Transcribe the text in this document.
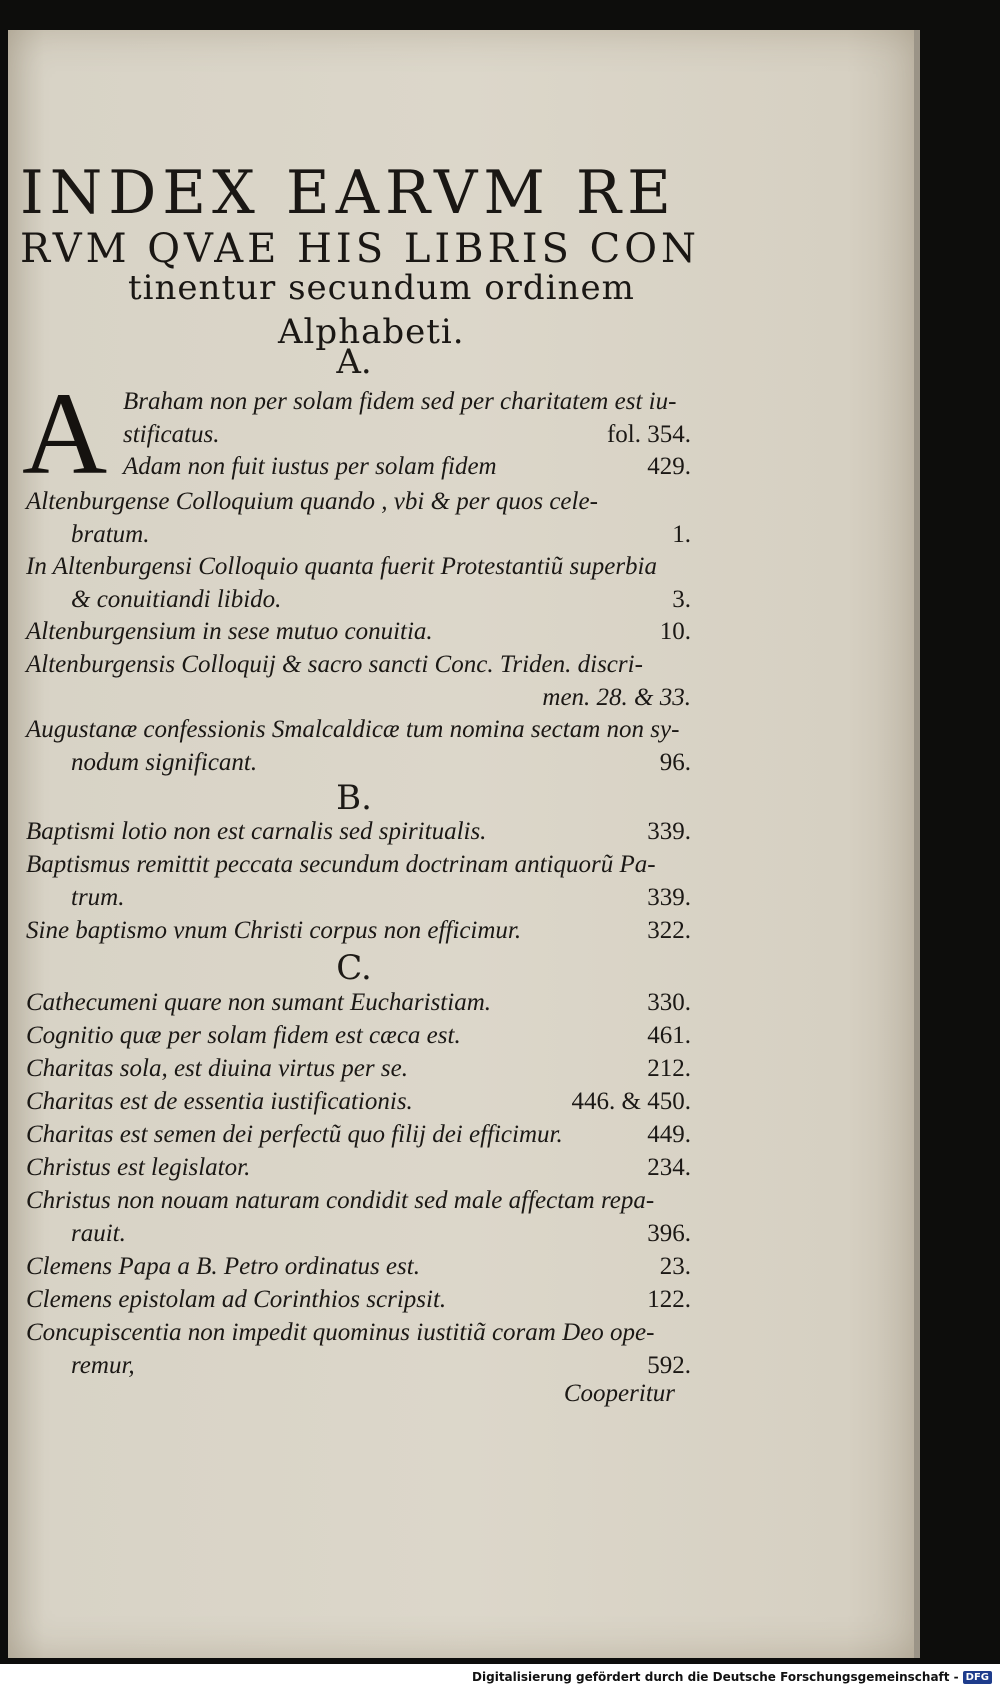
INDEX EARVM RE
RVM QVAE HIS LIBRIS CON
tinentur secundum ordinem
Alphabeti.
A.
A Braham non per solam fidem sed per charitatem est iu-
stificatus.	fol. 354.
Adam non fuit iustus per solam fidem	429.
Altenburgense Colloquium quando , vbi & per quos cele-
bratum.	1.
In Altenburgensi Colloquio quanta fuerit Protestantiũ superbia
& conuitiandi libido.	3.
Altenburgensium in sese mutuo conuitia.	10.
Altenburgensis Colloquij & sacro sancti Conc. Triden. discri-
men. 28. & 33.
Augustanæ confessionis Smalcaldicæ tum nomina sectam non sy-
nodum significant.	96.
B.
Baptismi lotio non est carnalis sed spiritualis.	339.
Baptismus remittit peccata secundum doctrinam antiquorũ Pa-
trum.	339.
Sine baptismo vnum Christi corpus non efficimur.	322.
C.
Cathecumeni quare non sumant Eucharistiam.	330.
Cognitio quæ per solam fidem est cæca est.	461.
Charitas sola, est diuina virtus per se.	212.
Charitas est de essentia iustificationis.	446. & 450.
Charitas est semen dei perfectũ quo filij dei efficimur.	449.
Christus est legislator.	234.
Christus non nouam naturam condidit sed male affectam repa-
rauit.	396.
Clemens Papa a B. Petro ordinatus est.	23.
Clemens epistolam ad Corinthios scripsit.	122.
Concupiscentia non impedit quominus iustitiã coram Deo ope-
remur,	592.
Cooperitur
Digitalisierung gefördert durch die Deutsche Forschungsgemeinschaft - DFG
